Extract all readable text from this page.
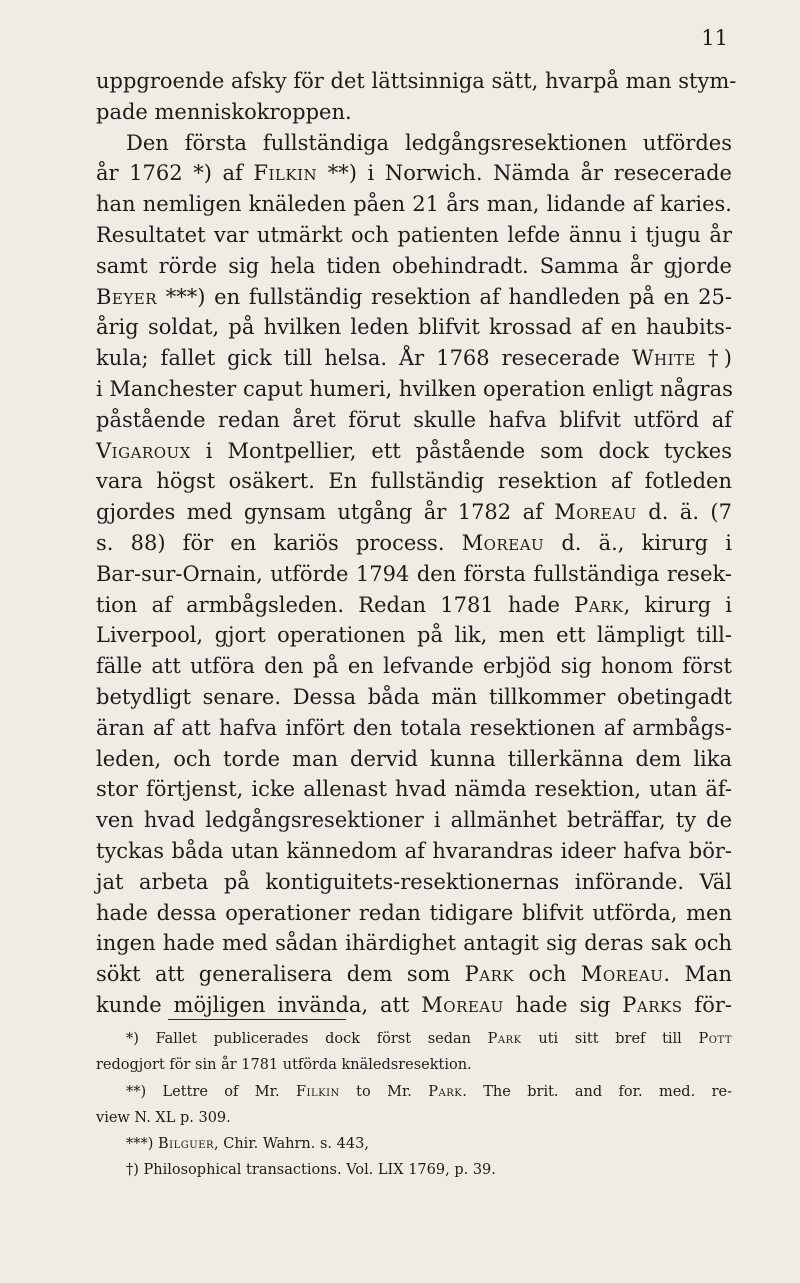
11
uppgroende afsky för det lättsinniga sätt, hvarpå man stym-
pade menniskokroppen.
Den första fullständiga ledgångsresektionen utfördes
år 1762 *) af Filkin **) i Norwich. Nämda år resecerade
han nemligen knäleden påen 21 års man, lidande af karies.
Resultatet var utmärkt och patienten lefde ännu i tjugu år
samt rörde sig hela tiden obehindradt. Samma år gjorde
Beyer ***) en fullständig resektion af handleden på en 25-
årig soldat, på hvilken leden blifvit krossad af en haubits-
kula; fallet gick till helsa. År 1768 resecerade White †)
i Manchester caput humeri, hvilken operation enligt någras
påstående redan året förut skulle hafva blifvit utförd af
Vigaroux i Montpellier, ett påstående som dock tyckes
vara högst osäkert. En fullständig resektion af fotleden
gjordes med gynsam utgång år 1782 af Moreau d. ä. (7
s. 88) för en kariös process. Moreau d. ä., kirurg i
Bar-sur-Ornain, utförde 1794 den första fullständiga resek-
tion af armbågsleden. Redan 1781 hade Park, kirurg i
Liverpool, gjort operationen på lik, men ett lämpligt till-
fälle att utföra den på en lefvande erbjöd sig honom först
betydligt senare. Dessa båda män tillkommer obetingadt
äran af att hafva infört den totala resektionen af armbågs-
leden, och torde man dervid kunna tillerkänna dem lika
stor förtjenst, icke allenast hvad nämda resektion, utan äf-
ven hvad ledgångsresektioner i allmänhet beträffar, ty de
tyckas båda utan kännedom af hvarandras ideer hafva bör-
jat arbeta på kontiguitets-resektionernas införande. Väl
hade dessa operationer redan tidigare blifvit utförda, men
ingen hade med sådan ihärdighet antagit sig deras sak och
sökt att generalisera dem som Park och Moreau. Man
kunde möjligen invända, att Moreau hade sig Parks för-
*) Fallet publicerades dock först sedan Park uti sitt bref till Pott
redogjort för sin år 1781 utförda knäledsresektion.
**) Lettre of Mr. Filkin to Mr. Park. The brit. and for. med. re-
view N. XL p. 309.
***) Bilguer, Chir. Wahrn. s. 443,
†) Philosophical transactions. Vol. LIX 1769, p. 39.
